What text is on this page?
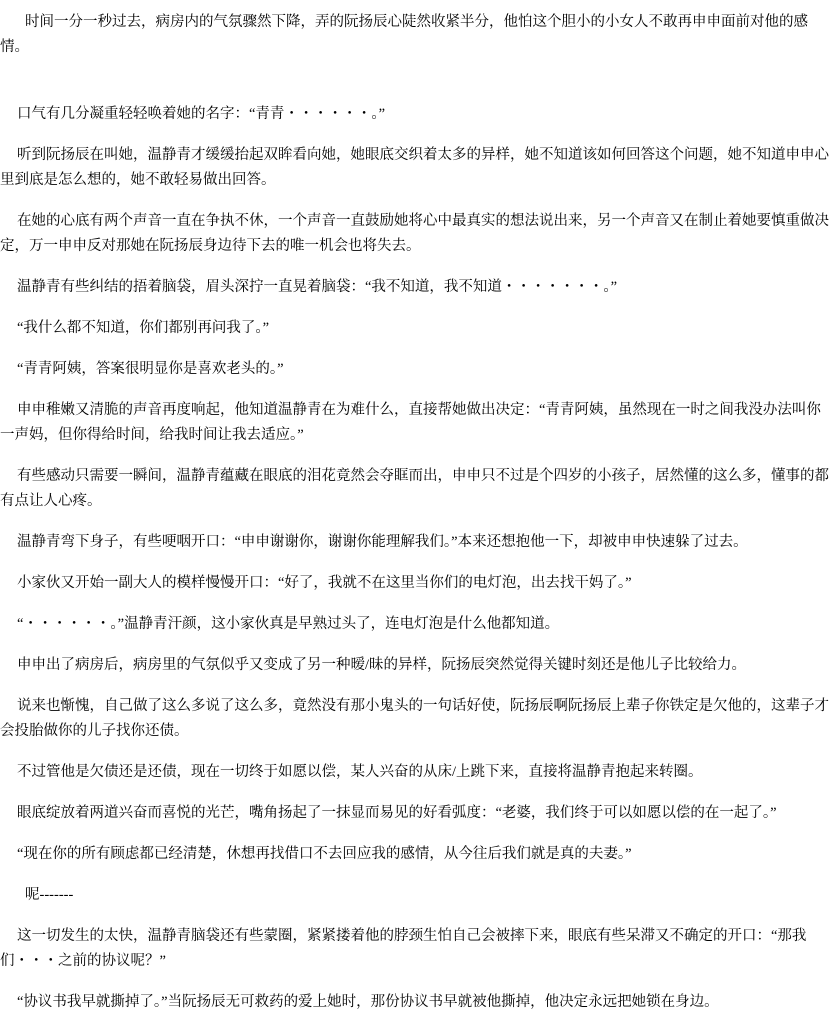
时间一分一秒过去，病房内的气氛骤然下降，弄的阮扬辰心陡然收紧半分，他怕这个胆小的小女人不敢再申申面前对他的感情。

口气有几分凝重轻轻唤着她的名字：“青青・・・・・・。”

听到阮扬辰在叫她，温静青才缓缓抬起双眸看向她，她眼底交织着太多的异样，她不知道该如何回答这个问题，她不知道申申心里到底是怎么想的，她不敢轻易做出回答。

在她的心底有两个声音一直在争执不休，一个声音一直鼓励她将心中最真实的想法说出来，另一个声音又在制止着她要慎重做决定，万一申申反对那她在阮扬辰身边待下去的唯一机会也将失去。

温静青有些纠结的捂着脑袋，眉头深拧一直晃着脑袋：“我不知道，我不知道・・・・・・・。”

“我什么都不知道，你们都别再问我了。”

“青青阿姨，答案很明显你是喜欢老头的。”

申申稚嫩又清脆的声音再度响起，他知道温静青在为难什么，直接帮她做出决定：“青青阿姨，虽然现在一时之间我没办法叫你一声妈，但你得给时间，给我时间让我去适应。”

有些感动只需要一瞬间，温静青蕴藏在眼底的泪花竟然会夺眶而出，申申只不过是个四岁的小孩子，居然懂的这么多，懂事的都有点让人心疼。

温静青弯下身子，有些哽咽开口：“申申谢谢你，谢谢你能理解我们。”本来还想抱他一下，却被申申快速躲了过去。

小家伙又开始一副大人的模样慢慢开口：“好了，我就不在这里当你们的电灯泡，出去找干妈了。”

“・・・・・・。”温静青汗颜，这小家伙真是早熟过头了，连电灯泡是什么他都知道。

申申出了病房后，病房里的气氛似乎又变成了另一种暧/昧的异样，阮扬辰突然觉得关键时刻还是他儿子比较给力。

说来也惭愧，自己做了这么多说了这么多，竟然没有那小鬼头的一句话好使，阮扬辰啊阮扬辰上辈子你铁定是欠他的，这辈子才会投胎做你的儿子找你还债。

不过管他是欠债还是还债，现在一切终于如愿以偿，某人兴奋的从床/上跳下来，直接将温静青抱起来转圈。

眼底绽放着两道兴奋而喜悦的光芒，嘴角扬起了一抹显而易见的好看弧度：“老婆，我们终于可以如愿以偿的在一起了。”

“现在你的所有顾虑都已经清楚，休想再找借口不去回应我的感情，从今往后我们就是真的夫妻。”

呢-------

这一切发生的太快，温静青脑袋还有些蒙圈，紧紧搂着他的脖颈生怕自己会被摔下来，眼底有些呆滞又不确定的开口：“那我们・・・之前的协议呢？”

“协议书我早就撕掉了。”当阮扬辰无可救药的爱上她时，那份协议书早就被他撕掉，他决定永远把她锁在身边。
